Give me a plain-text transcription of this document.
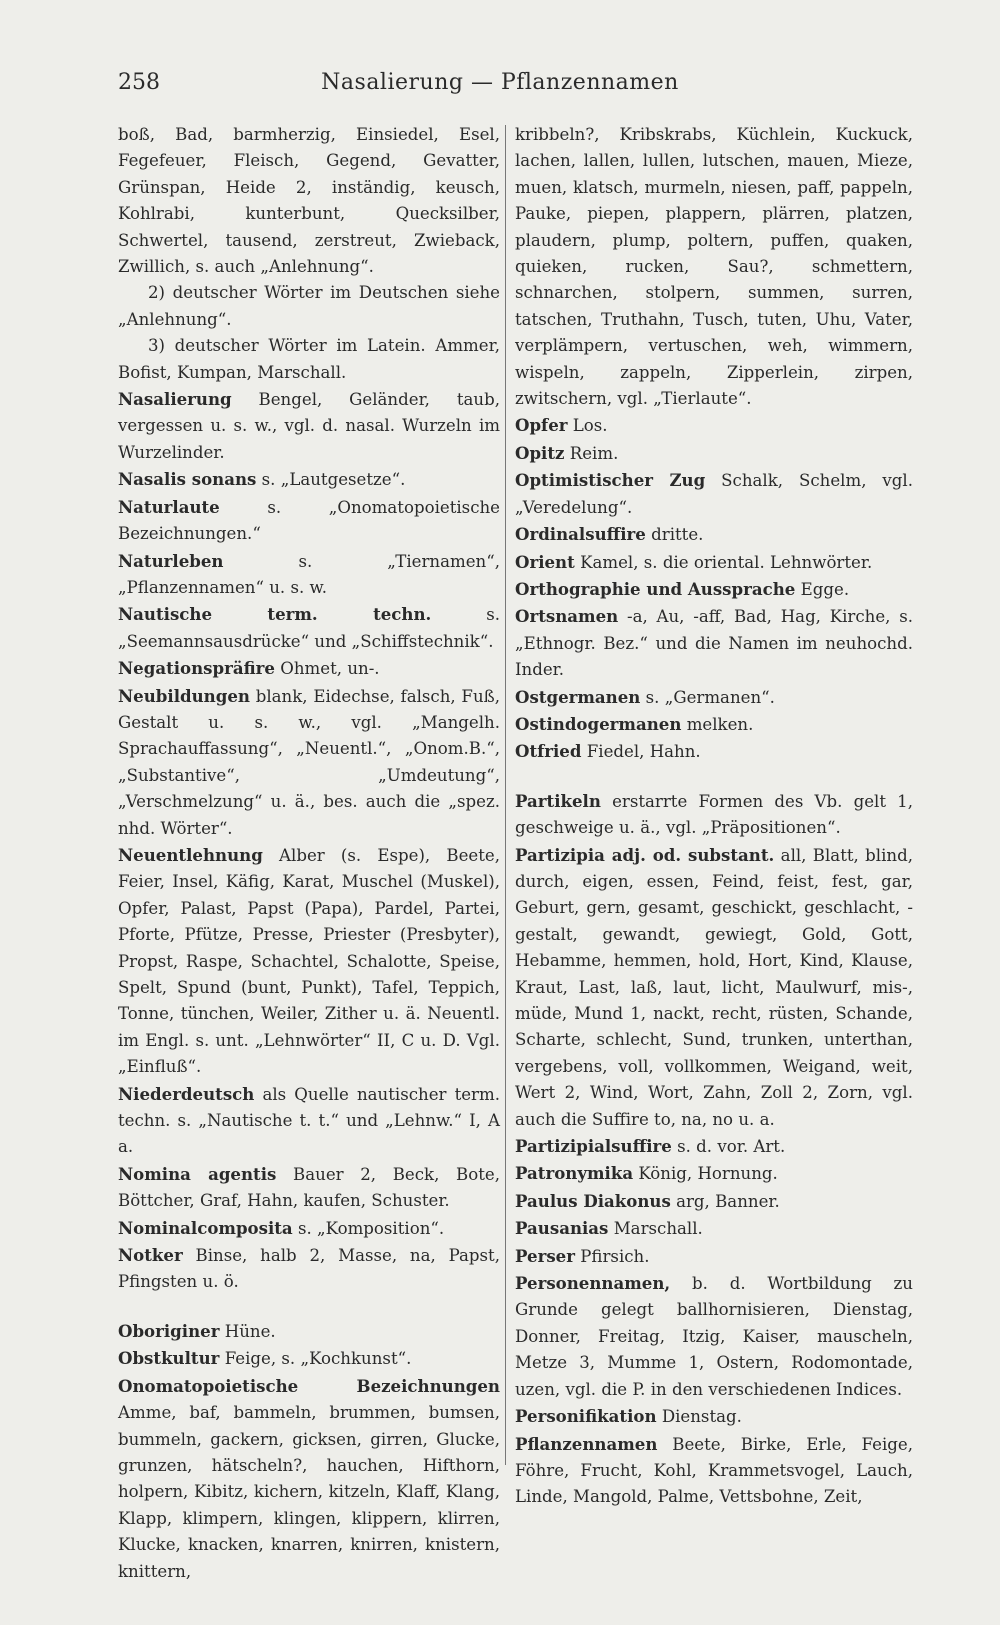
258	Nasalierung — Pflanzennamen

boß, Bad, barmherzig, Einsiedel, Esel, Fegefeuer, Fleisch, Gegend, Gevatter, Grünspan, Heide 2, inständig, keusch, Kohlrabi, kunterbunt, Quecksilber, Schwertel, tausend, zerstreut, Zwieback, Zwillich, s. auch „Anlehnung“.

2) deutscher Wörter im Deutschen siehe „Anlehnung“.

3) deutscher Wörter im Latein. Ammer, Bofist, Kumpan, Marschall.

Nasalierung Bengel, Geländer, taub, vergessen u. s. w., vgl. d. nasal. Wurzeln im Wurzelinder.

Nasalis sonans s. „Lautgesetze“.

Naturlaute	s. „Onomatopoietische Bezeichnungen.“

Naturleben	s. „Tiernamen“, „Pflanzennamen“ u. s. w.

Nautische term. techn.	s. „Seemannsausdrücke“ und „Schiffstechnik“.

Negationspräfire Ohmet, un-.

Neubildungen blank, Eidechse, falsch, Fuß, Gestalt u. s. w., vgl. „Mangelh. Sprachauffassung“, „Neuentl.“, „Onom.B.“, „Substantive“, „Umdeutung“, „Verschmelzung“ u. ä., bes. auch die „spez. nhd. Wörter“.

Neuentlehnung Alber (s. Espe), Beete, Feier, Insel, Käfig, Karat, Muschel (Muskel), Opfer, Palast, Papst (Papa), Pardel, Partei, Pforte, Pfütze, Presse, Priester (Presbyter), Propst, Raspe, Schachtel, Schalotte, Speise, Spelt, Spund (bunt, Punkt), Tafel, Teppich, Tonne, tünchen, Weiler, Zither u. ä. Neuentl. im Engl. s. unt. „Lehnwörter“ II, C u. D. Vgl. „Einfluß“.

Niederdeutsch als Quelle nautischer term. techn. s. „Nautische t. t.“ und „Lehnw.“ I, A a.

Nomina agentis Bauer 2, Beck, Bote, Böttcher, Graf, Hahn, kaufen, Schuster.

Nominalcomposita s. „Komposition“.

Notker Binse, halb 2, Masse, na, Papst, Pfingsten u. ö.

Oboriginer Hüne.

Obstkultur Feige, s. „Kochkunst“.

Onomatopoietische Bezeichnungen Amme, baf, bammeln, brummen, bumsen, bummeln, gackern, gicksen, girren, Glucke, grunzen, hätscheln?, hauchen, Hifthorn, holpern, Kibitz, kichern, kitzeln, Klaff, Klang, Klapp, klimpern, klingen, klippern, klirren, Klucke, knacken, knarren, knirren, knistern, knittern,

kribbeln?, Kribskrabs, Küchlein, Kuckuck, lachen, lallen, lullen, lutschen, mauen, Mieze, muen, klatsch, murmeln, niesen, paff, pappeln, Pauke, piepen, plappern, plärren, platzen, plaudern, plump, poltern, puffen, quaken, quieken, rucken, Sau?, schmettern, schnarchen, stolpern, summen, surren, tatschen, Truthahn, Tusch, tuten, Uhu, Vater, verplämpern, vertuschen, weh, wimmern, wispeln, zappeln, Zipperlein, zirpen, zwitschern, vgl. „Tierlaute“.

Opfer Los.

Opitz Reim.

Optimistischer Zug Schalk, Schelm, vgl. „Veredelung“.

Ordinalsuffire dritte.

Orient Kamel, s. die oriental. Lehnwörter.

Orthographie und Aussprache Egge.

Ortsnamen -a, Au, -aff, Bad, Hag, Kirche, s. „Ethnogr. Bez.“ und die Namen im neuhochd. Inder.

Ostgermanen s. „Germanen“.

Ostindogermanen melken.

Otfried Fiedel, Hahn.

Partikeln erstarrte Formen des Vb. gelt 1, geschweige u. ä., vgl. „Präpositionen“.

Partizipia adj. od. substant. all, Blatt, blind, durch, eigen, essen, Feind, feist, fest, gar, Geburt, gern, gesamt, geschickt, geschlacht, -gestalt, gewandt, gewiegt, Gold, Gott, Hebamme, hemmen, hold, Hort, Kind, Klause, Kraut, Last, laß, laut, licht, Maulwurf, mis-, müde, Mund 1, nackt, recht, rüsten, Schande, Scharte, schlecht, Sund, trunken, unterthan, vergebens, voll, vollkommen, Weigand, weit, Wert 2, Wind, Wort, Zahn, Zoll 2, Zorn, vgl. auch die Suffire to, na, no u. a.

Partizipialsuffire s. d. vor. Art.

Patronymika König, Hornung.

Paulus Diakonus arg, Banner.

Pausanias Marschall.

Perser Pfirsich.

Personennamen, b. d. Wortbildung zu Grunde gelegt ballhornisieren, Dienstag, Donner, Freitag, Itzig, Kaiser, mauscheln, Metze 3, Mumme 1, Ostern, Rodomontade, uzen, vgl. die P. in den verschiedenen Indices.

Personifikation Dienstag.

Pflanzennamen Beete, Birke, Erle, Feige, Föhre, Frucht, Kohl, Krammetsvogel, Lauch, Linde, Mangold, Palme, Vettsbohne, Zeit,
